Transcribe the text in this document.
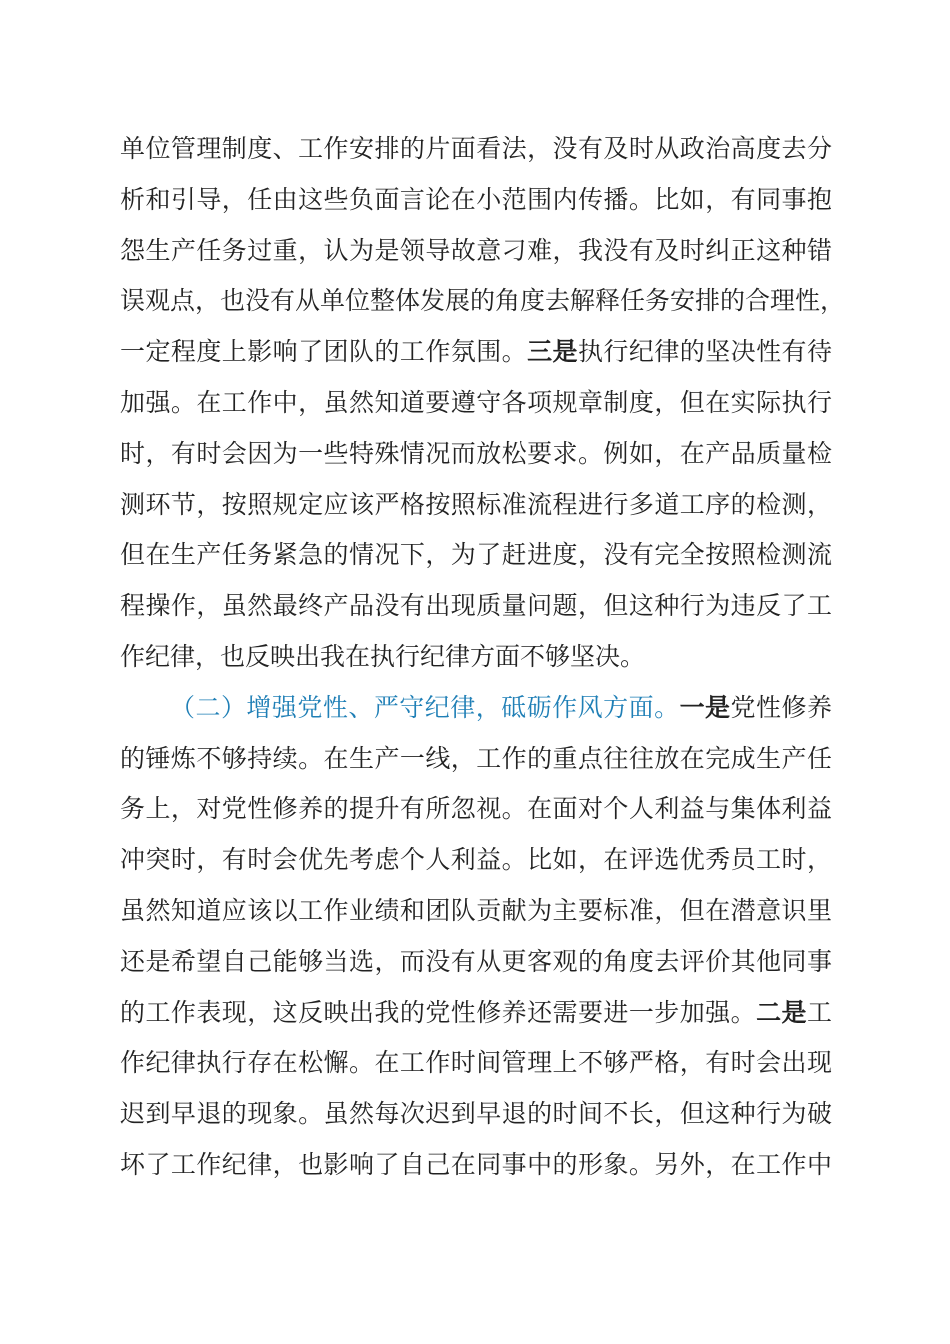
单位管理制度、工作安排的片面看法，没有及时从政治高度去分
析和引导，任由这些负面言论在小范围内传播。比如，有同事抱
怨生产任务过重，认为是领导故意刁难，我没有及时纠正这种错
误观点，也没有从单位整体发展的角度去解释任务安排的合理性，
一定程度上影响了团队的工作氛围。三是执行纪律的坚决性有待
加强。在工作中，虽然知道要遵守各项规章制度，但在实际执行
时，有时会因为一些特殊情况而放松要求。例如，在产品质量检
测环节，按照规定应该严格按照标准流程进行多道工序的检测，
但在生产任务紧急的情况下，为了赶进度，没有完全按照检测流
程操作，虽然最终产品没有出现质量问题，但这种行为违反了工
作纪律，也反映出我在执行纪律方面不够坚决。
（二）增强党性、严守纪律，砥砺作风方面。一是党性修养
的锤炼不够持续。在生产一线，工作的重点往往放在完成生产任
务上，对党性修养的提升有所忽视。在面对个人利益与集体利益
冲突时，有时会优先考虑个人利益。比如，在评选优秀员工时，
虽然知道应该以工作业绩和团队贡献为主要标准，但在潜意识里
还是希望自己能够当选，而没有从更客观的角度去评价其他同事
的工作表现，这反映出我的党性修养还需要进一步加强。二是工
作纪律执行存在松懈。在工作时间管理上不够严格，有时会出现
迟到早退的现象。虽然每次迟到早退的时间不长，但这种行为破
坏了工作纪律，也影响了自己在同事中的形象。另外，在工作中
